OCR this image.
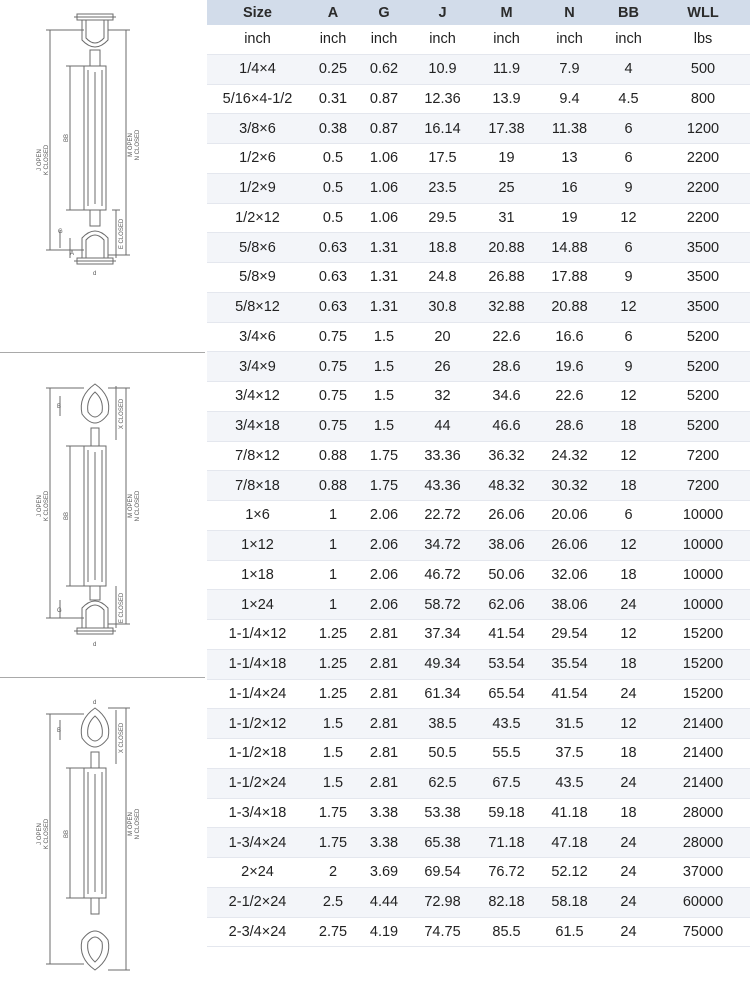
J OPEN K CLOSED
BB	M OPEN N CLOSED
E CLOSED
A
G
d
J OPEN K CLOSED BB	M OPEN N CLOSED
X CLOSED
E CLOSED
B
G
d
J OPEN K CLOSED BB	M OPEN N CLOSED
X CLOSED
B
d
Size	A	G	J	M	N	BB	WLL
inch	inch	inch	inch	inch	inch	inch	lbs
1/4×4	0.25	0.62	10.9	11.9	7.9	4	500
5/16×4-1/2	0.31	0.87	12.36	13.9	9.4	4.5	800
3/8×6	0.38	0.87	16.14	17.38	11.38	6	1200
1/2×6	0.5	1.06	17.5	19	13	6	2200
1/2×9	0.5	1.06	23.5	25	16	9	2200
1/2×12	0.5	1.06	29.5	31	19	12	2200
5/8×6	0.63	1.31	18.8	20.88	14.88	6	3500
5/8×9	0.63	1.31	24.8	26.88	17.88	9	3500
5/8×12	0.63	1.31	30.8	32.88	20.88	12	3500
3/4×6	0.75	1.5	20	22.6	16.6	6	5200
3/4×9	0.75	1.5	26	28.6	19.6	9	5200
3/4×12	0.75	1.5	32	34.6	22.6	12	5200
3/4×18	0.75	1.5	44	46.6	28.6	18	5200
7/8×12	0.88	1.75	33.36	36.32	24.32	12	7200
7/8×18	0.88	1.75	43.36	48.32	30.32	18	7200
1×6	1	2.06	22.72	26.06	20.06	6	10000
1×12	1	2.06	34.72	38.06	26.06	12	10000
1×18	1	2.06	46.72	50.06	32.06	18	10000
1×24	1	2.06	58.72	62.06	38.06	24	10000
1-1/4×12	1.25	2.81	37.34	41.54	29.54	12	15200
1-1/4×18	1.25	2.81	49.34	53.54	35.54	18	15200
1-1/4×24	1.25	2.81	61.34	65.54	41.54	24	15200
1-1/2×12	1.5	2.81	38.5	43.5	31.5	12	21400
1-1/2×18	1.5	2.81	50.5	55.5	37.5	18	21400
1-1/2×24	1.5	2.81	62.5	67.5	43.5	24	21400
1-3/4×18	1.75	3.38	53.38	59.18	41.18	18	28000
1-3/4×24	1.75	3.38	65.38	71.18	47.18	24	28000
2×24	2	3.69	69.54	76.72	52.12	24	37000
2-1/2×24	2.5	4.44	72.98	82.18	58.18	24	60000
2-3/4×24	2.75	4.19	74.75	85.5	61.5	24	75000
